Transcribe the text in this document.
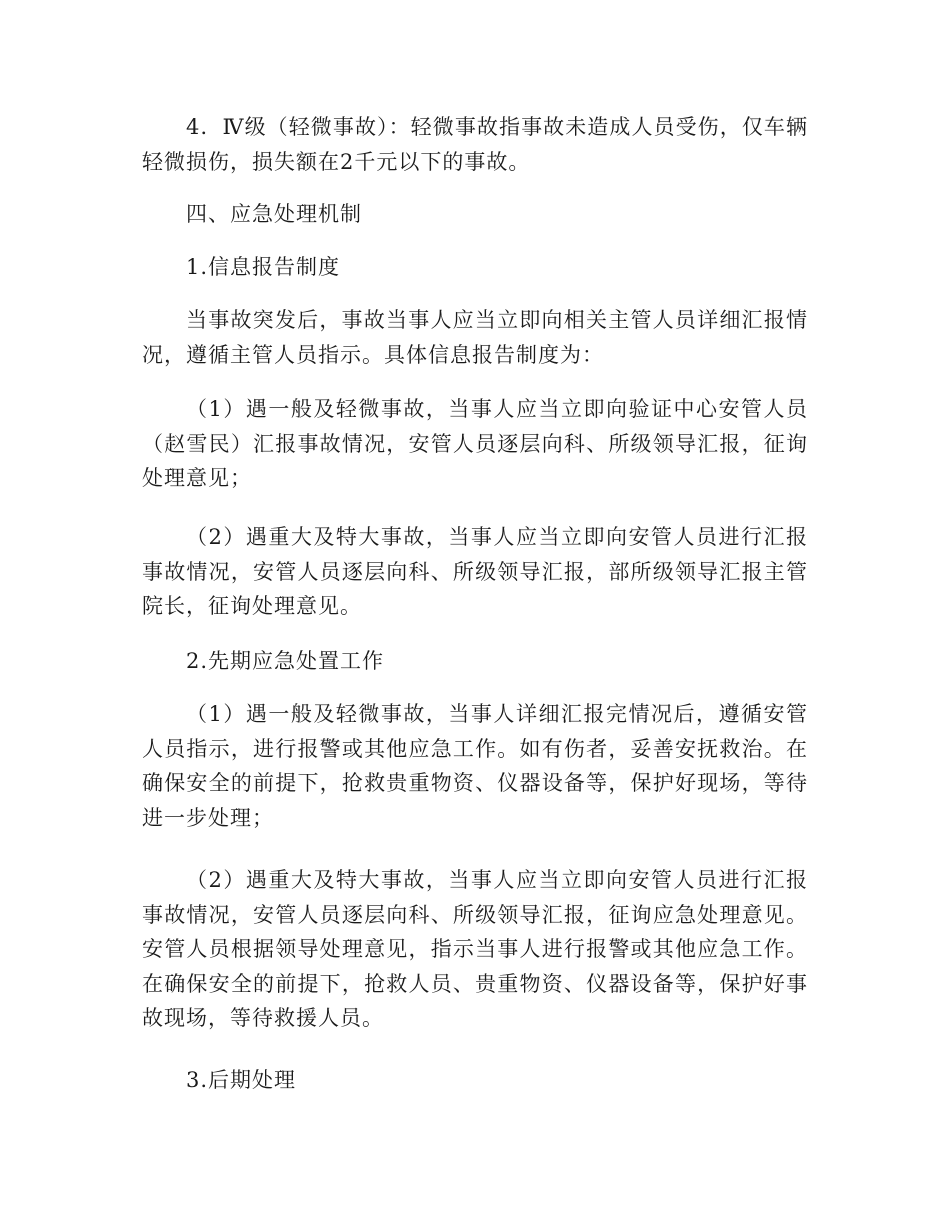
4．Ⅳ级（轻微事故）：轻微事故指事故未造成人员受伤，仅车辆轻微损伤，损失额在2千元以下的事故。

四、应急处理机制

1.信息报告制度

当事故突发后，事故当事人应当立即向相关主管人员详细汇报情况，遵循主管人员指示。具体信息报告制度为：

（1）遇一般及轻微事故，当事人应当立即向验证中心安管人员（赵雪民）汇报事故情况，安管人员逐层向科、所级领导汇报，征询处理意见；

（2）遇重大及特大事故，当事人应当立即向安管人员进行汇报事故情况，安管人员逐层向科、所级领导汇报，部所级领导汇报主管院长，征询处理意见。

2.先期应急处置工作

（1）遇一般及轻微事故，当事人详细汇报完情况后，遵循安管人员指示，进行报警或其他应急工作。如有伤者，妥善安抚救治。在确保安全的前提下，抢救贵重物资、仪器设备等，保护好现场，等待进一步处理；

（2）遇重大及特大事故，当事人应当立即向安管人员进行汇报事故情况，安管人员逐层向科、所级领导汇报，征询应急处理意见。安管人员根据领导处理意见，指示当事人进行报警或其他应急工作。在确保安全的前提下，抢救人员、贵重物资、仪器设备等，保护好事故现场，等待救援人员。

3.后期处理
